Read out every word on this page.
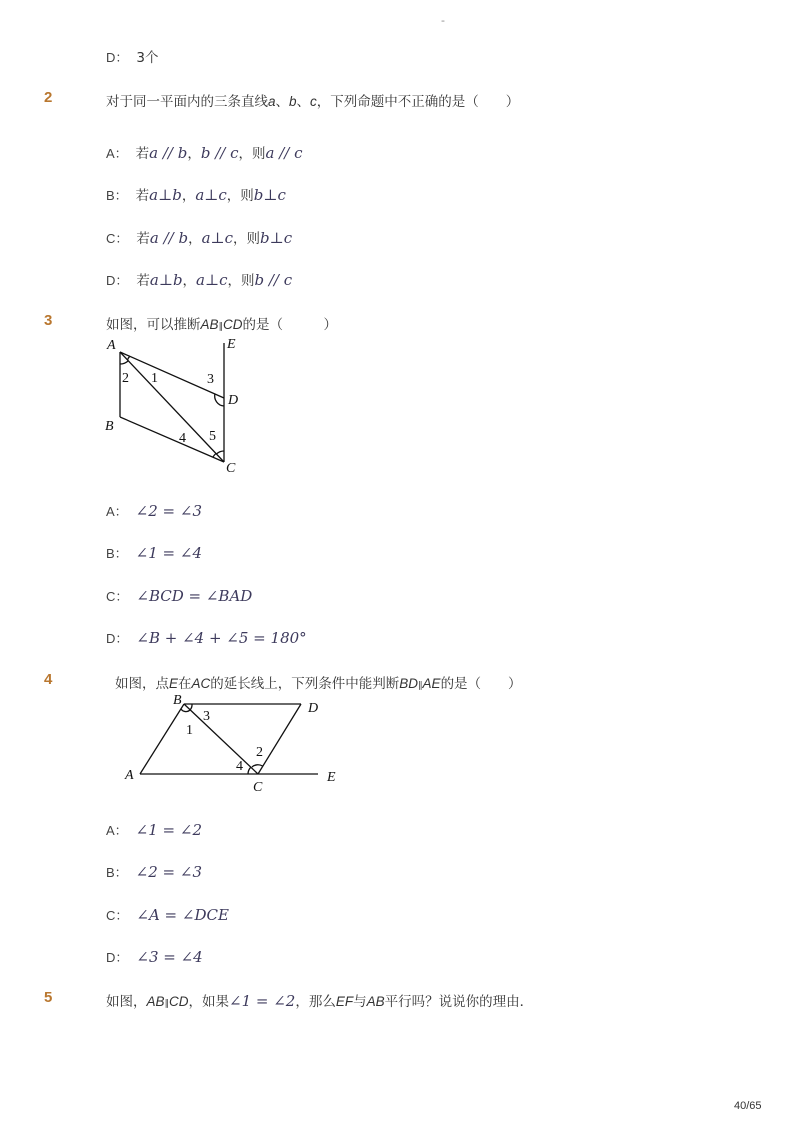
-
D： 3个
2	对于同一平面内的三条直线a、b、c，下列命题中不正确的是（　　）
A： 若a // b，b // c，则a // c
B： 若a⊥b，a⊥c，则b⊥c
C： 若a // b，a⊥c，则b⊥c
D： 若a⊥b，a⊥c，则b // c
3	如图，可以推断AB∥CD的是（　　　）
A
B
C
D
E
1
2	3
4 5
A： ∠2 = ∠3
B： ∠1 = ∠4
C： ∠BCD = ∠BAD
D： ∠B + ∠4 + ∠5 = 180°
4	如图，点E在AC的延长线上，下列条件中能判断BD∥AE的是（　　）
B
D
A
C
E
1
2
3
4
A： ∠1 = ∠2
B： ∠2 = ∠3
C： ∠A = ∠DCE
D： ∠3 = ∠4
5	如图，AB∥CD，如果∠1 = ∠2，那么EF与AB平行吗？说说你的理由．
40/65
